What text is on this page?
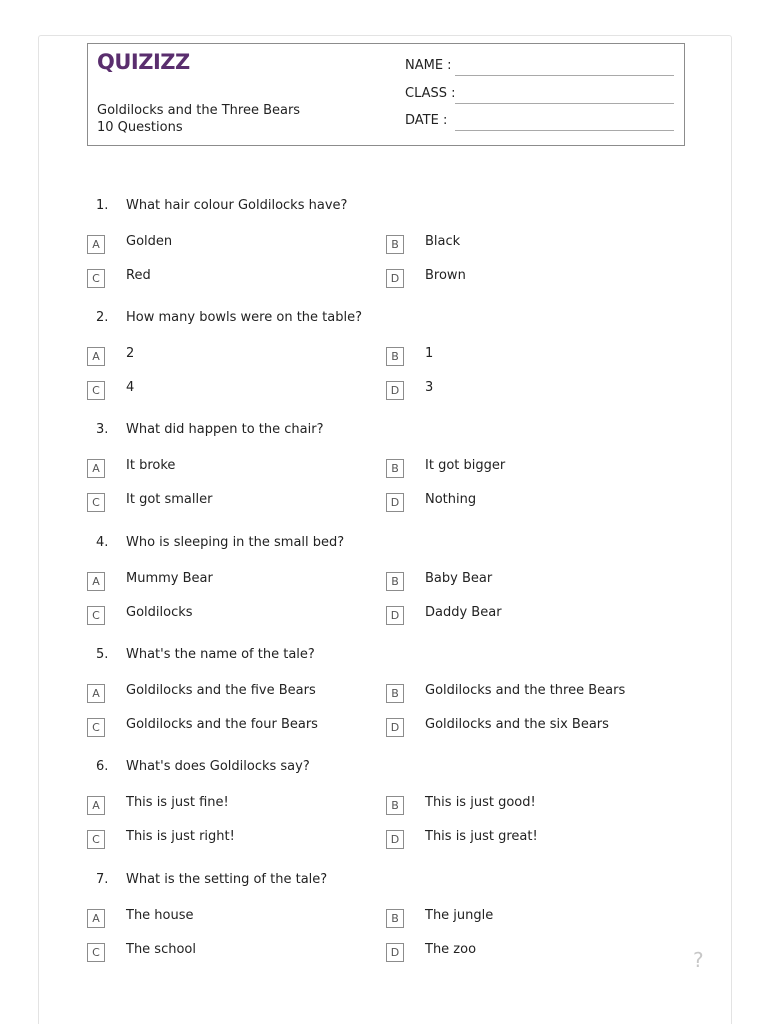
QUIZIZZ
Goldilocks and the Three Bears
10 Questions
NAME :
CLASS :
DATE :
1. What hair colour Goldilocks have?
A	Golden	B	Black
C	Red	D	Brown
2. How many bowls were on the table?
A	2	B	1
C	4	D	3
3. What did happen to the chair?
A	It broke	B	It got bigger
C	It got smaller	D	Nothing
4. Who is sleeping in the small bed?
A	Mummy Bear	B	Baby Bear
C	Goldilocks	D	Daddy Bear
5. What's the name of the tale?
A	Goldilocks and the five Bears	B	Goldilocks and the three Bears
C	Goldilocks and the four Bears	D	Goldilocks and the six Bears
6. What's does Goldilocks say?
A	This is just fine!	B	This is just good!
C	This is just right!	D	This is just great!
7. What is the setting of the tale?
A	The house	B	The jungle
C	The school	D	The zoo	?
